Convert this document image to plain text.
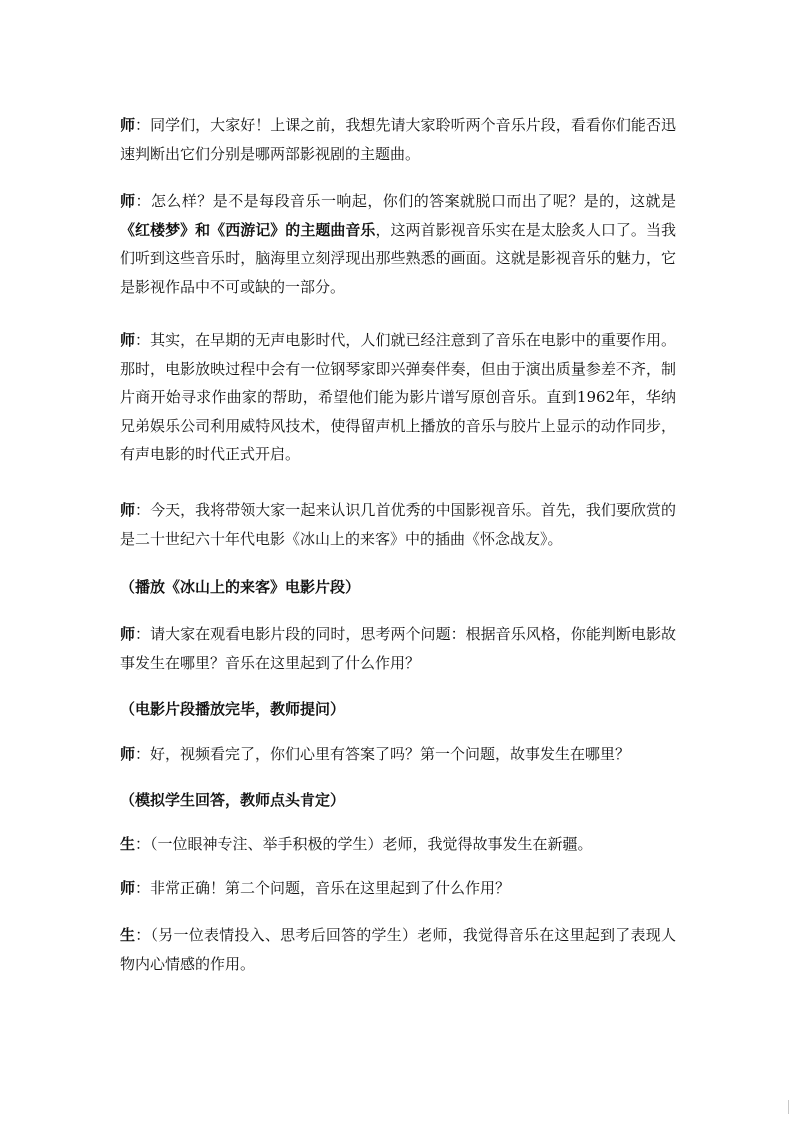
师：同学们，大家好！上课之前，我想先请大家聆听两个音乐片段，看看你们能否迅速判断出它们分别是哪两部影视剧的主题曲。

师：怎么样？是不是每段音乐一响起，你们的答案就脱口而出了呢？是的，这就是《红楼梦》和《西游记》的主题曲音乐，这两首影视音乐实在是太脍炙人口了。当我们听到这些音乐时，脑海里立刻浮现出那些熟悉的画面。这就是影视音乐的魅力，它是影视作品中不可或缺的一部分。

师：其实，在早期的无声电影时代，人们就已经注意到了音乐在电影中的重要作用。那时，电影放映过程中会有一位钢琴家即兴弹奏伴奏，但由于演出质量参差不齐，制片商开始寻求作曲家的帮助，希望他们能为影片谱写原创音乐。直到1962年，华纳兄弟娱乐公司利用威特风技术，使得留声机上播放的音乐与胶片上显示的动作同步，有声电影的时代正式开启。

师：今天，我将带领大家一起来认识几首优秀的中国影视音乐。首先，我们要欣赏的是二十世纪六十年代电影《冰山上的来客》中的插曲《怀念战友》。

（播放《冰山上的来客》电影片段）

师：请大家在观看电影片段的同时，思考两个问题：根据音乐风格，你能判断电影故事发生在哪里？音乐在这里起到了什么作用？

（电影片段播放完毕，教师提问）

师：好，视频看完了，你们心里有答案了吗？第一个问题，故事发生在哪里？

（模拟学生回答，教师点头肯定）

生：（一位眼神专注、举手积极的学生）老师，我觉得故事发生在新疆。

师：非常正确！第二个问题，音乐在这里起到了什么作用？

生：（另一位表情投入、思考后回答的学生）老师，我觉得音乐在这里起到了表现人物内心情感的作用。
